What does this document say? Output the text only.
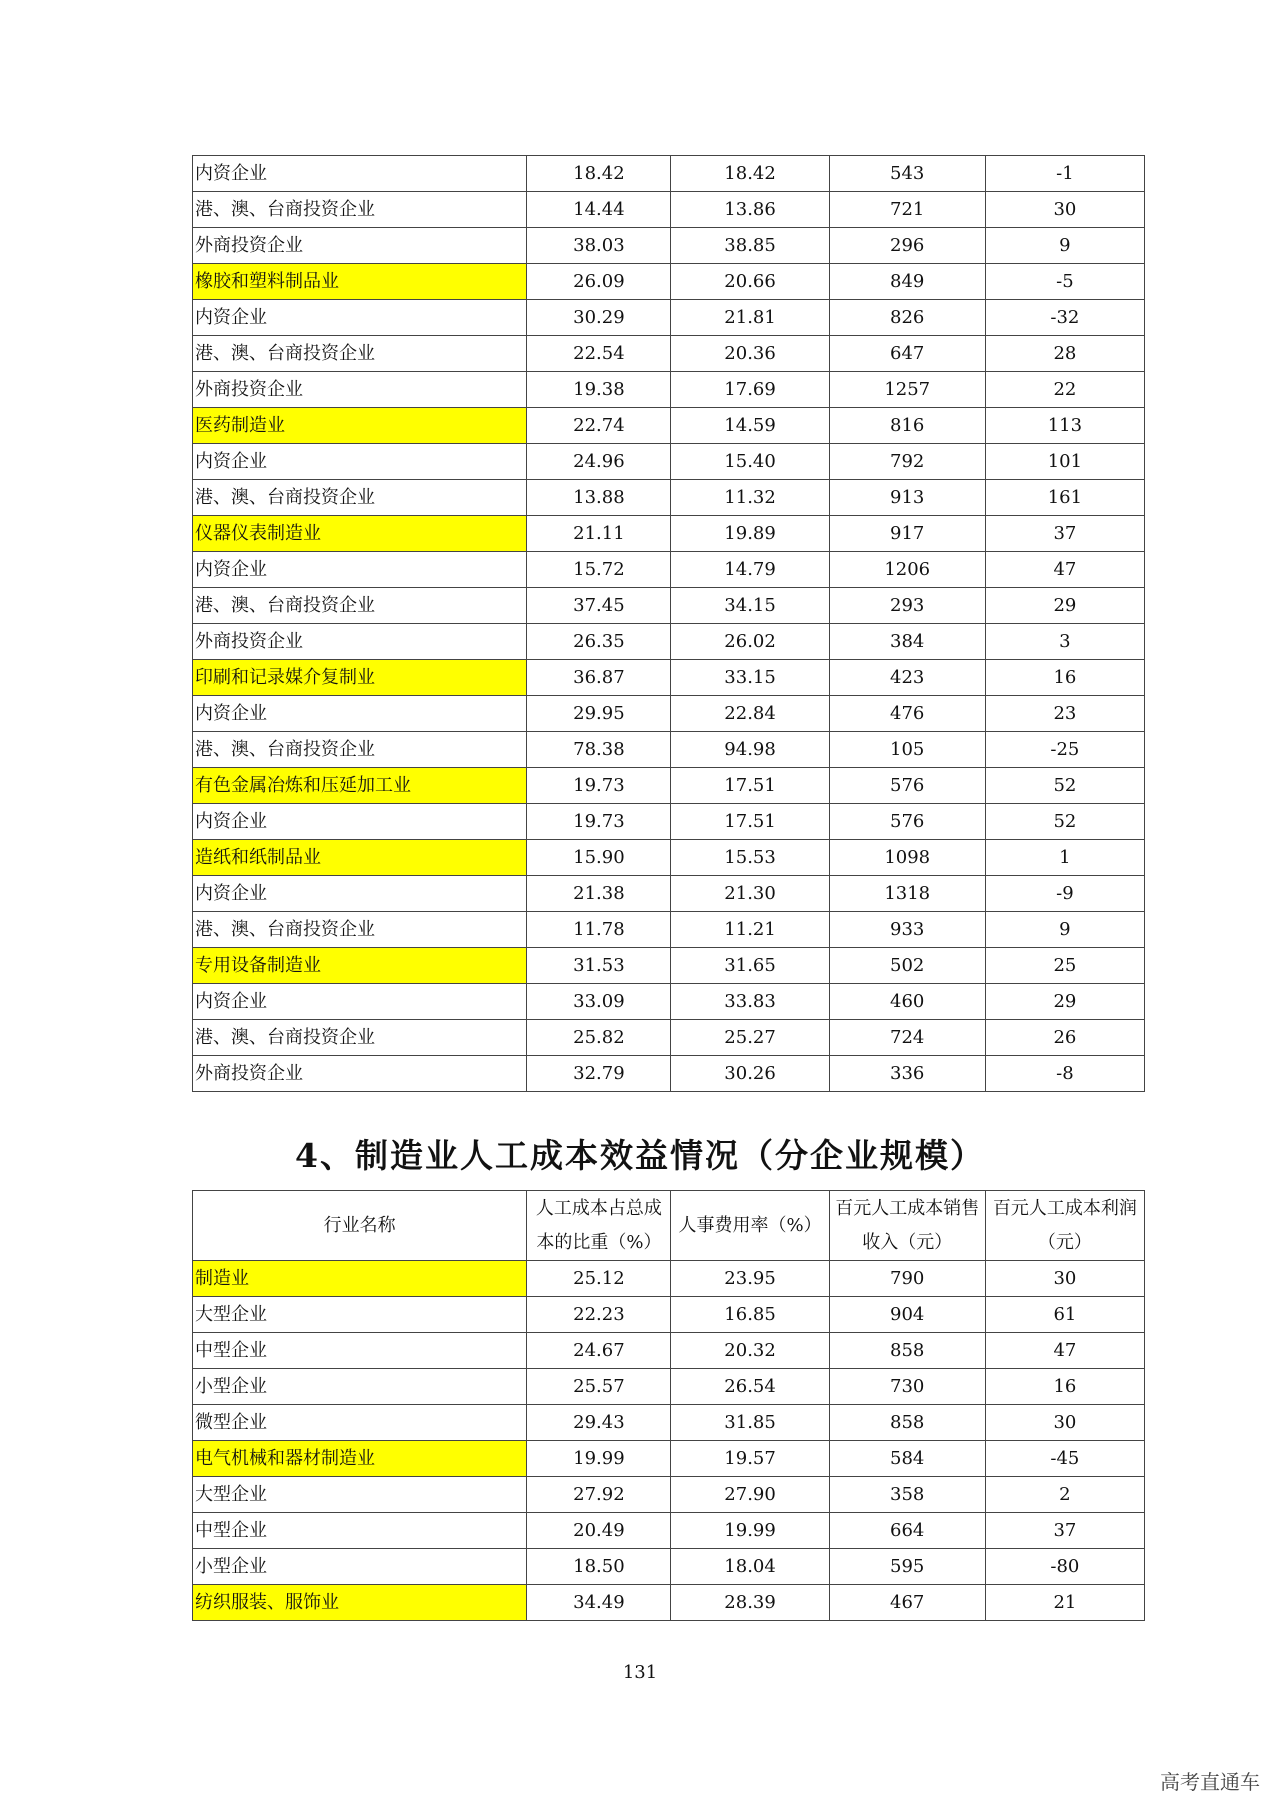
内资企业	18.42	18.42	543	-1
港、澳、台商投资企业	14.44	13.86	721	30
外商投资企业	38.03	38.85	296	9
橡胶和塑料制品业	26.09	20.66	849	-5
内资企业	30.29	21.81	826	-32
港、澳、台商投资企业	22.54	20.36	647	28
外商投资企业	19.38	17.69	1257	22
医药制造业	22.74	14.59	816	113
内资企业	24.96	15.40	792	101
港、澳、台商投资企业	13.88	11.32	913	161
仪器仪表制造业	21.11	19.89	917	37
内资企业	15.72	14.79	1206	47
港、澳、台商投资企业	37.45	34.15	293	29
外商投资企业	26.35	26.02	384	3
印刷和记录媒介复制业	36.87	33.15	423	16
内资企业	29.95	22.84	476	23
港、澳、台商投资企业	78.38	94.98	105	-25
有色金属冶炼和压延加工业	19.73	17.51	576	52
内资企业	19.73	17.51	576	52
造纸和纸制品业	15.90	15.53	1098	1
内资企业	21.38	21.30	1318	-9
港、澳、台商投资企业	11.78	11.21	933	9
专用设备制造业	31.53	31.65	502	25
内资企业	33.09	33.83	460	29
港、澳、台商投资企业	25.82	25.27	724	26
外商投资企业	32.79	30.26	336	-8
4、制造业人工成本效益情况（分企业规模）
行业名称	人工成本占总成本的比重（%）	人事费用率（%）	百元人工成本销售收入（元）	百元人工成本利润（元）
制造业	25.12	23.95	790	30
大型企业	22.23	16.85	904	61
中型企业	24.67	20.32	858	47
小型企业	25.57	26.54	730	16
微型企业	29.43	31.85	858	30
电气机械和器材制造业	19.99	19.57	584	-45
大型企业	27.92	27.90	358	2
中型企业	20.49	19.99	664	37
小型企业	18.50	18.04	595	-80
纺织服装、服饰业	34.49	28.39	467	21
131
高考直通车
